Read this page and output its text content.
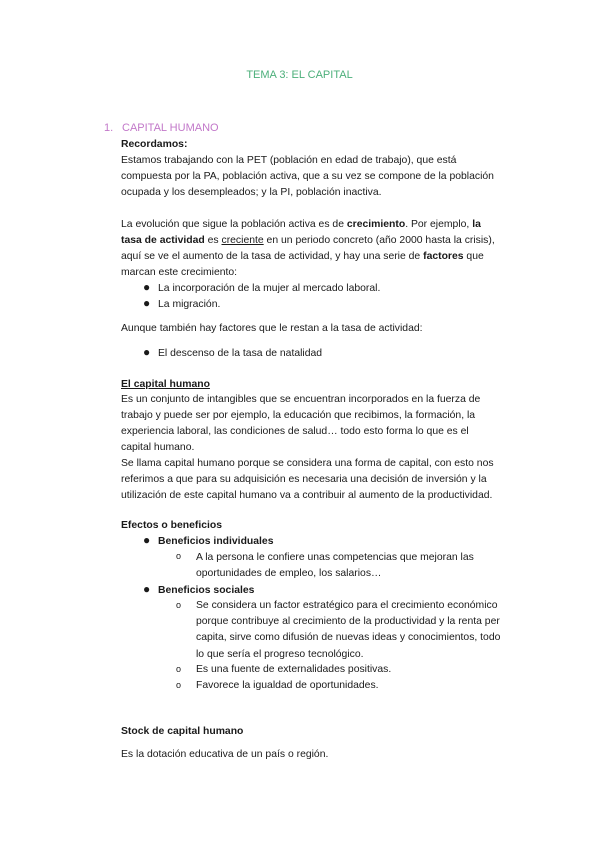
TEMA 3: EL CAPITAL
1. CAPITAL HUMANO
Recordamos:
Estamos trabajando con la PET (población en edad de trabajo), que está
compuesta por la PA, población activa, que a su vez se compone de la población
ocupada y los desempleados; y la PI, población inactiva.
La evolución que sigue la población activa es de crecimiento. Por ejemplo, la
tasa de actividad es creciente en un periodo concreto (año 2000 hasta la crisis),
aquí se ve el aumento de la tasa de actividad, y hay una serie de factores que
marcan este crecimiento:
● La incorporación de la mujer al mercado laboral.
● La migración.
Aunque también hay factores que le restan a la tasa de actividad:
● El descenso de la tasa de natalidad
El capital humano
Es un conjunto de intangibles que se encuentran incorporados en la fuerza de
trabajo y puede ser por ejemplo, la educación que recibimos, la formación, la
experiencia laboral, las condiciones de salud… todo esto forma lo que es el
capital humano.
Se llama capital humano porque se considera una forma de capital, con esto nos
referimos a que para su adquisición es necesaria una decisión de inversión y la
utilización de este capital humano va a contribuir al aumento de la productividad.
Efectos o beneficios
● Beneficios individuales
o A la persona le confiere unas competencias que mejoran las
oportunidades de empleo, los salarios…
● Beneficios sociales
o Se considera un factor estratégico para el crecimiento económico
porque contribuye al crecimiento de la productividad y la renta per
capita, sirve como difusión de nuevas ideas y conocimientos, todo
lo que sería el progreso tecnológico.
o Es una fuente de externalidades positivas.
o Favorece la igualdad de oportunidades.
Stock de capital humano
Es la dotación educativa de un país o región.
